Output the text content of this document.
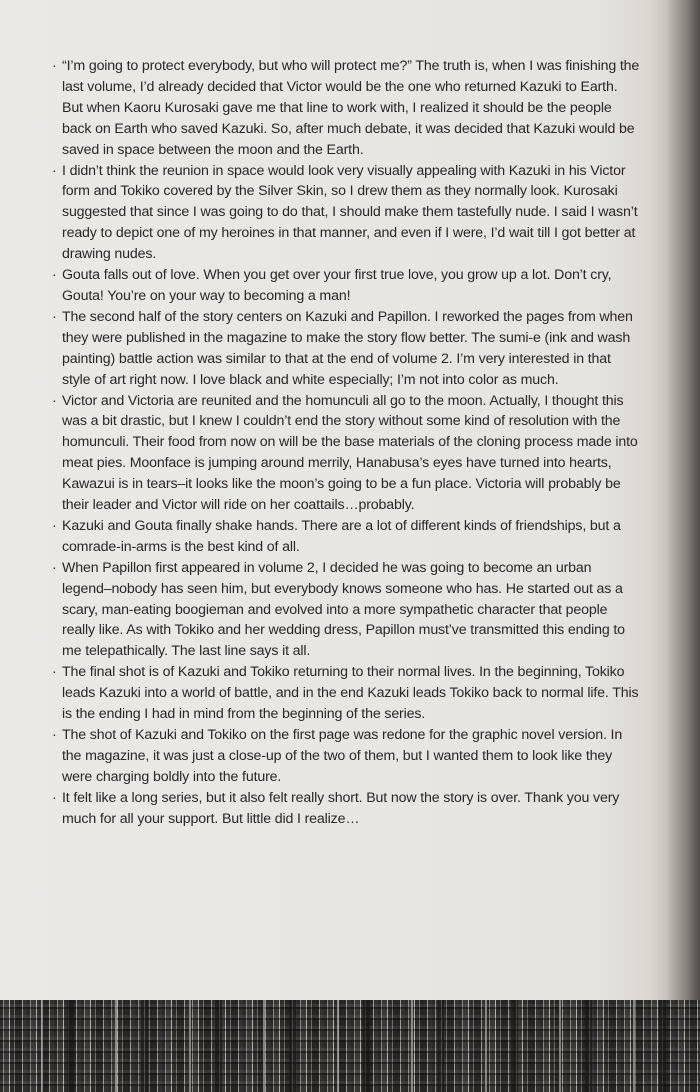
· “I’m going to protect everybody, but who will protect me?” The truth is, when I was finishing the last volume, I’d already decided that Victor would be the one who returned Kazuki to Earth. But when Kaoru Kurosaki gave me that line to work with, I realized it should be the people back on Earth who saved Kazuki. So, after much debate, it was decided that Kazuki would be saved in space between the moon and the Earth.
· I didn’t think the reunion in space would look very visually appealing with Kazuki in his Victor form and Tokiko covered by the Silver Skin, so I drew them as they normally look. Kurosaki suggested that since I was going to do that, I should make them tastefully nude. I said I wasn’t ready to depict one of my heroines in that manner, and even if I were, I’d wait till I got better at drawing nudes.
· Gouta falls out of love. When you get over your first true love, you grow up a lot. Don’t cry, Gouta! You’re on your way to becoming a man!
· The second half of the story centers on Kazuki and Papillon. I reworked the pages from when they were published in the magazine to make the story flow better. The sumi-e (ink and wash painting) battle action was similar to that at the end of volume 2. I’m very interested in that style of art right now. I love black and white especially; I’m not into color as much.
· Victor and Victoria are reunited and the homunculi all go to the moon. Actually, I thought this was a bit drastic, but I knew I couldn’t end the story without some kind of resolution with the homunculi. Their food from now on will be the base materials of the cloning process made into meat pies. Moonface is jumping around merrily, Hanabusa’s eyes have turned into hearts, Kawazui is in tears–it looks like the moon’s going to be a fun place. Victoria will probably be their leader and Victor will ride on her coattails…probably.
· Kazuki and Gouta finally shake hands. There are a lot of different kinds of friendships, but a comrade-in-arms is the best kind of all.
· When Papillon first appeared in volume 2, I decided he was going to become an urban legend–nobody has seen him, but everybody knows someone who has. He started out as a scary, man-eating boogieman and evolved into a more sympathetic character that people really like. As with Tokiko and her wedding dress, Papillon must’ve transmitted this ending to me telepathically. The last line says it all.
· The final shot is of Kazuki and Tokiko returning to their normal lives. In the beginning, Tokiko leads Kazuki into a world of battle, and in the end Kazuki leads Tokiko back to normal life. This is the ending I had in mind from the beginning of the series.
· The shot of Kazuki and Tokiko on the first page was redone for the graphic novel version. In the magazine, it was just a close-up of the two of them, but I wanted them to look like they were charging boldly into the future.
· It felt like a long series, but it also felt really short. But now the story is over. Thank you very much for all your support. But little did I realize…
